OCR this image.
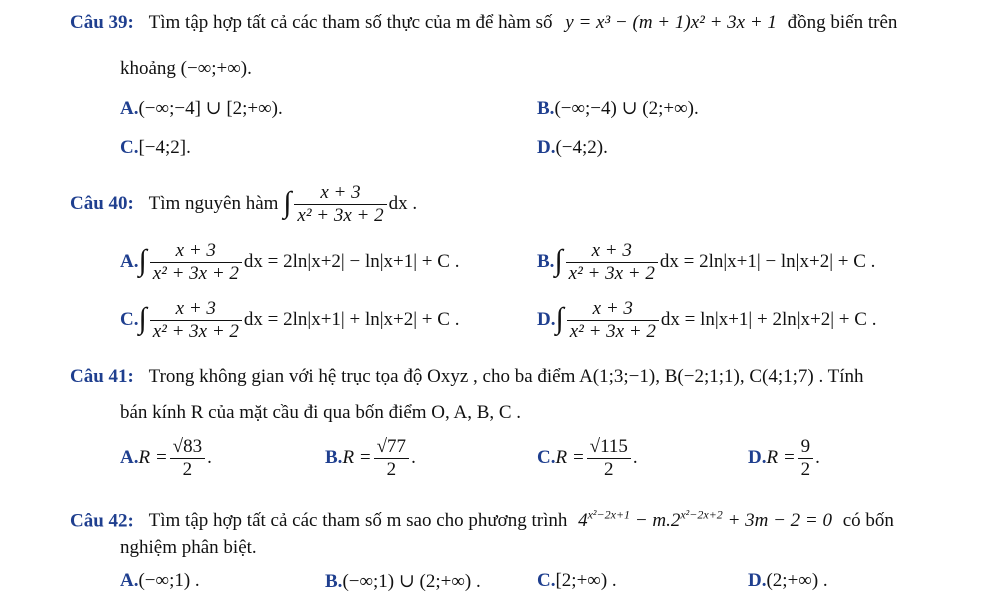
Câu 39: Tìm tập hợp tất cả các tham số thực của m để hàm số y = x³ − (m + 1)x² + 3x + 1 đồng biến trên
khoảng (−∞;+∞).
A.(−∞;−4] ∪ [2;+∞).	B.(−∞;−4) ∪ (2;+∞).
C.[−4;2].	D.(−4;2).
Câu 40: Tìm nguyên hàm ∫ $\frac{x + 3}{\text{x² + 3x + 2}}$ dx .
$A.\int \frac{x + 3}{\text{x² + 3x + 2}}$ dx = 2ln|x+2| − ln|x+1| + C .	$B.\int \frac{x + 3}{\text{x² + 3x + 2}}$ dx = 2ln|x+1| − ln|x+2| + C .
$C.\int \frac{x + 3}{\text{x² + 3x + 2}}$ dx = 2ln|x+1| + ln|x+2| + C .	$D.\int \frac{x + 3}{\text{x² + 3x + 2}}$ dx = ln|x+1| + 2ln|x+2| + C .
Câu 41: Trong không gian với hệ trục tọa độ Oxyz , cho ba điểm A(1;3;−1), B(−2;1;1), C(4;1;7) . Tính
bán kính R của mặt cầu đi qua bốn điểm O, A, B, C .
$A.R = \frac{√83}{2}$ .	$B.R = \frac{√77}{2}$ .	$C.R = \frac{√115}{2}$ .	$D.R = \frac{9}{2}$ .
Câu 42: Tìm tập hợp tất cả các tham số m sao cho phương trình $4^{x^2-2x+1} - m.2^{x^2-2x+2} + 3m - 2 = 0$ có bốn
nghiệm phân biệt.
A.(−∞;1) .	B.(−∞;1) ∪ (2;+∞) .	C.[2;+∞) .	D.(2;+∞) .
